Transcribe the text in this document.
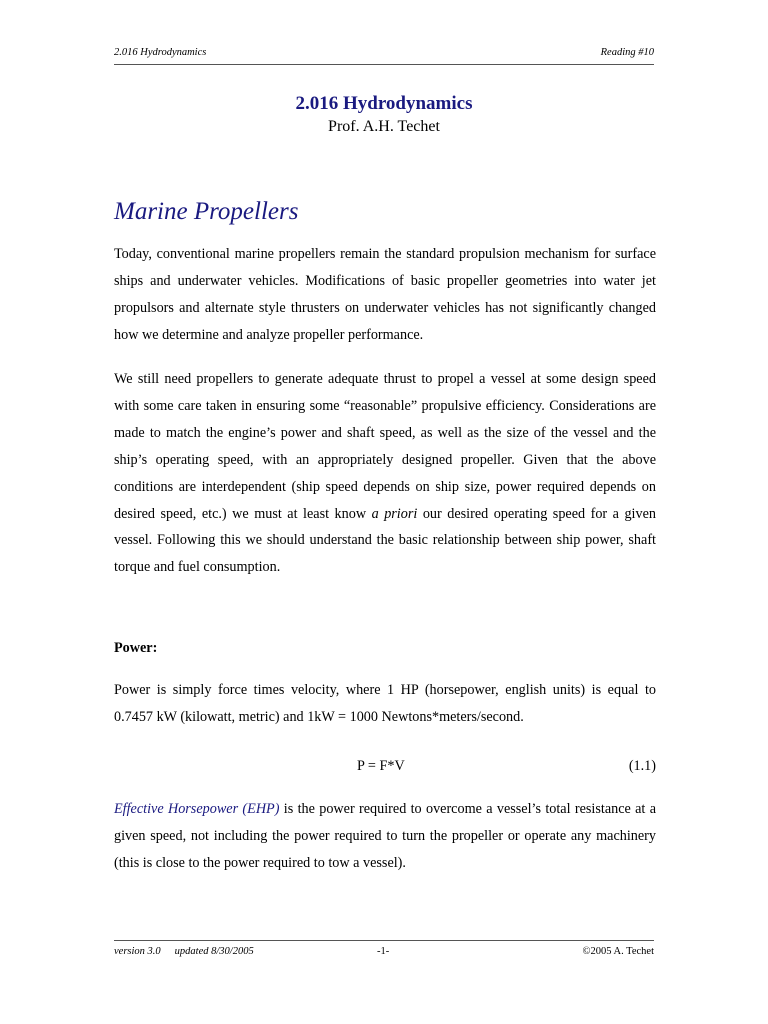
2.016 Hydrodynamics	Reading #10
2.016 Hydrodynamics
Prof. A.H. Techet
Marine Propellers

Today, conventional marine propellers remain the standard propulsion mechanism for surface ships and underwater vehicles. Modifications of basic propeller geometries into water jet propulsors and alternate style thrusters on underwater vehicles has not significantly changed how we determine and analyze propeller performance.

We still need propellers to generate adequate thrust to propel a vessel at some design speed with some care taken in ensuring some “reasonable” propulsive efficiency. Considerations are made to match the engine’s power and shaft speed, as well as the size of the vessel and the ship’s operating speed, with an appropriately designed propeller. Given that the above conditions are interdependent (ship speed depends on ship size, power required depends on desired speed, etc.) we must at least know a priori our desired operating speed for a given vessel. Following this we should understand the basic relationship between ship power, shaft torque and fuel consumption.

Power:

Power is simply force times velocity, where 1 HP (horsepower, english units) is equal to 0.7457 kW (kilowatt, metric) and 1kW = 1000 Newtons*meters/second.

P = F*V	(1.1)

Effective Horsepower (EHP) is the power required to overcome a vessel’s total resistance at a given speed, not including the power required to turn the propeller or operate any machinery (this is close to the power required to tow a vessel).

version 3.0 updated 8/30/2005	-1-	©2005 A. Techet
